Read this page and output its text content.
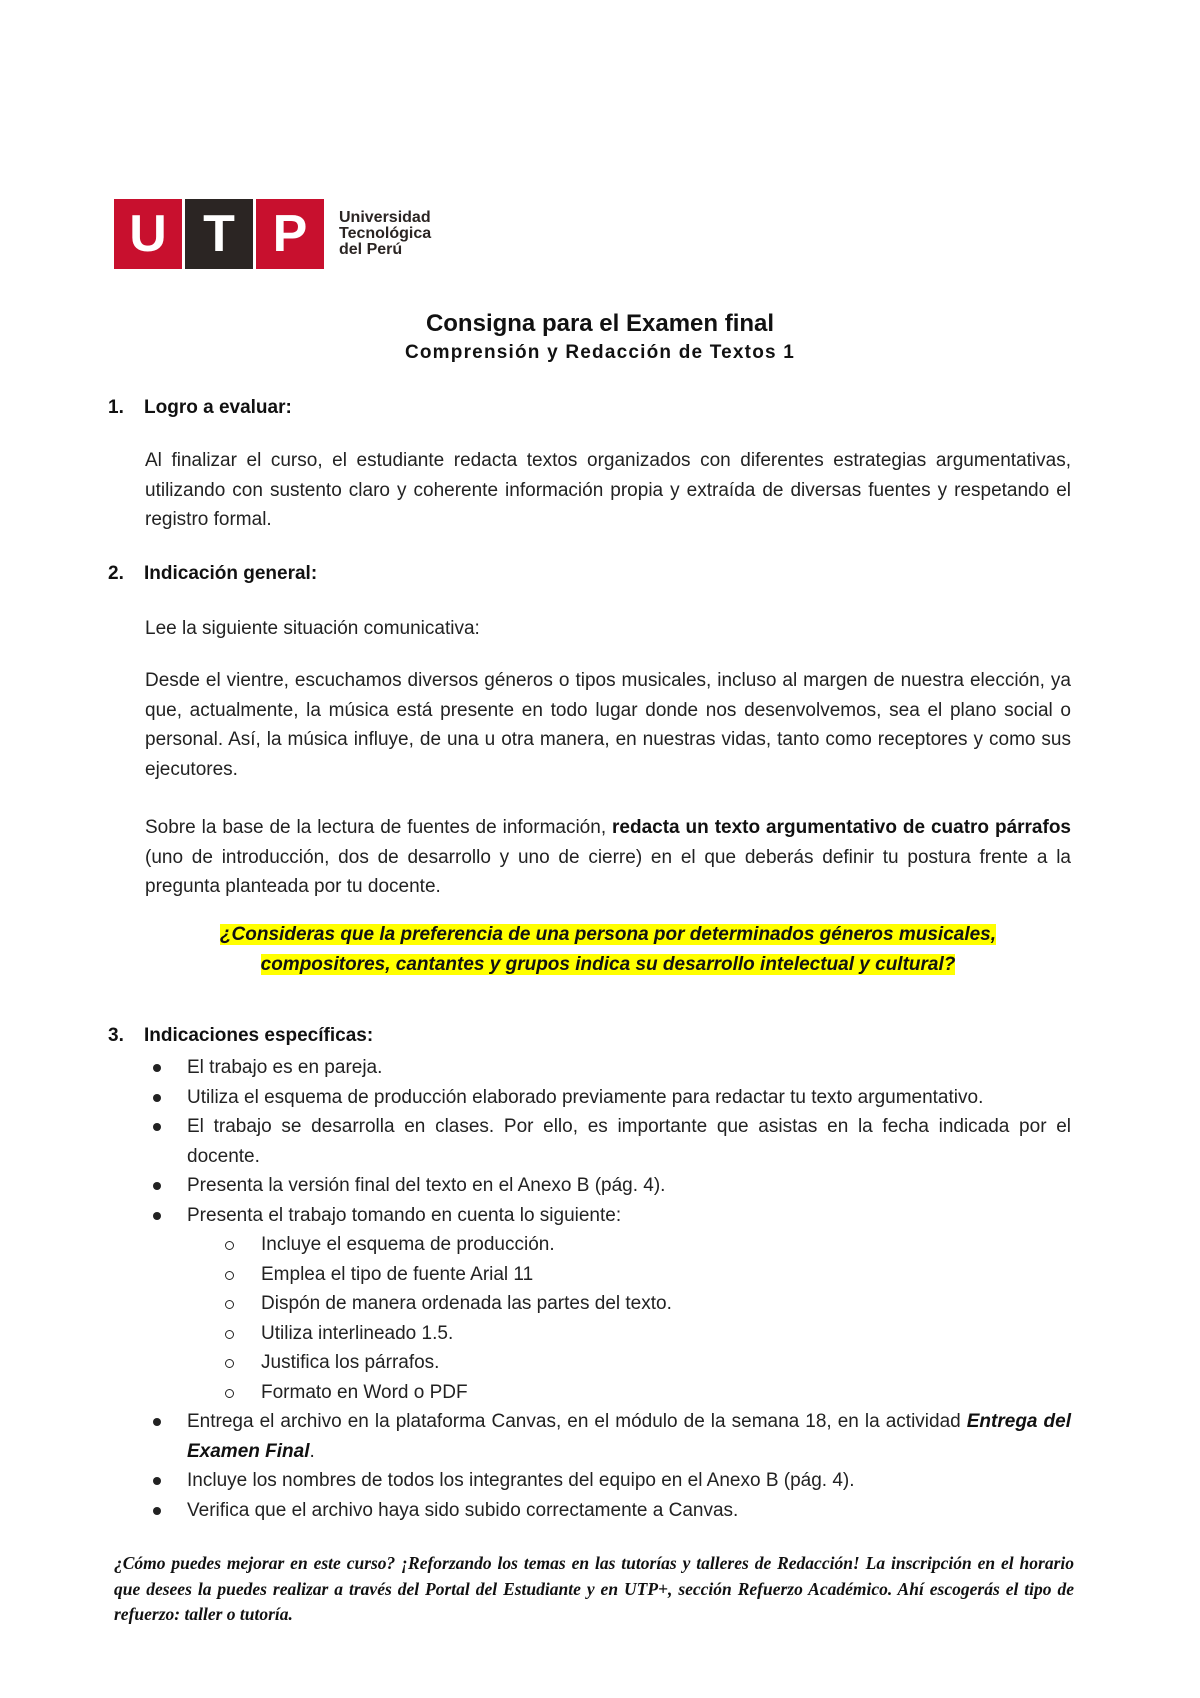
U T P	Universidad
Tecnológica
del Perú
Consigna para el Examen final
Comprensión y Redacción de Textos 1
1. Logro a evaluar:
Al finalizar el curso, el estudiante redacta textos organizados con diferentes estrategias argumentativas, utilizando con sustento claro y coherente información propia y extraída de diversas fuentes y respetando el registro formal.
2. Indicación general:
Lee la siguiente situación comunicativa:
Desde el vientre, escuchamos diversos géneros o tipos musicales, incluso al margen de nuestra elección, ya que, actualmente, la música está presente en todo lugar donde nos desenvolvemos, sea el plano social o personal. Así, la música influye, de una u otra manera, en nuestras vidas, tanto como receptores y como sus ejecutores.
Sobre la base de la lectura de fuentes de información, redacta un texto argumentativo de cuatro párrafos (uno de introducción, dos de desarrollo y uno de cierre) en el que deberás definir tu postura frente a la pregunta planteada por tu docente.
¿Consideras que la preferencia de una persona por determinados géneros musicales,
compositores, cantantes y grupos indica su desarrollo intelectual y cultural?
3. Indicaciones específicas:
El trabajo es en pareja.
Utiliza el esquema de producción elaborado previamente para redactar tu texto argumentativo.
El trabajo se desarrolla en clases. Por ello, es importante que asistas en la fecha indicada por el docente.
Presenta la versión final del texto en el Anexo B (pág. 4).
Presenta el trabajo tomando en cuenta lo siguiente:
Incluye el esquema de producción.
Emplea el tipo de fuente Arial 11
Dispón de manera ordenada las partes del texto.
Utiliza interlineado 1.5.
Justifica los párrafos.
Formato en Word o PDF
Entrega el archivo en la plataforma Canvas, en el módulo de la semana 18, en la actividad Entrega del Examen Final.
Incluye los nombres de todos los integrantes del equipo en el Anexo B (pág. 4).
Verifica que el archivo haya sido subido correctamente a Canvas.
¿Cómo puedes mejorar en este curso? ¡Reforzando los temas en las tutorías y talleres de Redacción! La inscripción en el horario que desees la puedes realizar a través del Portal del Estudiante y en UTP+, sección Refuerzo Académico. Ahí escogerás el tipo de refuerzo: taller o tutoría.
